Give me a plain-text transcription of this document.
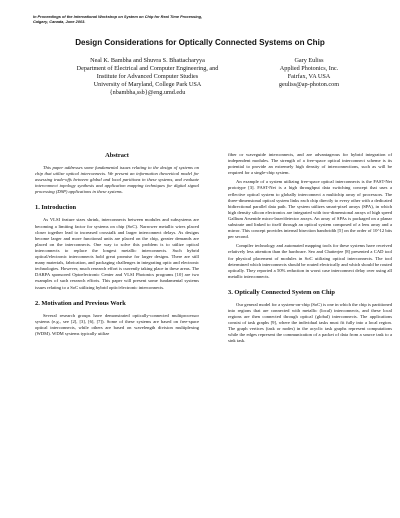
In Proceedings of the International Workshop on System on Chip for Real Time Processing,
Calgary, Canada, June 2003.
Design Considerations for Optically Connected Systems on Chip
Neal K. Bambha and Shuvra S. Bhattacharyya
Department of Electrical and Computer Engineering, and
Institute for Advanced Computer Studies
University of Maryland, College Park USA
{nbambha,ssb}@eng.umd.edu
Gary Euliss
Applied Photonics, Inc.
Fairfax, VA USA
geuliss@ap-photon.com
Abstract

This paper addresses some fundamental issues relating to the design of systems on chip that utilize optical interconnects. We present an information theoretical model for assessing trade-offs between global and local partitions in these systems, and evaluate interconnect topology synthesis and application mapping techniques for digital signal processing (DSP) applications in these systems.

1. Introduction

As VLSI feature sizes shrink, interconnects between modules and subsystems are becoming a limiting factor for systems on chip (SoC). Narrower metallic wires placed closer together lead to increased crosstalk and larger interconnect delays. As designs become larger and more functional units are placed on the chip, greater demands are placed on the interconnects. One way to solve this problem is to utilize optical interconnects to replace the longest metallic interconnects. Such hybrid optical/electronic interconnects hold great promise for larger designs. There are still many materials, fabrication, and packaging challenges in integrating optic and electronic technologies. However, much research effort is currently taking place in these areas. The DARPA sponsored Optoelectronic Center and VLSI Photonics programs [10] are two examples of such research efforts. This paper will present some fundamental systems issues relating to a SoC utilizing hybrid optic/electronic interconnects.

2. Motivation and Previous Work

Several research groups have demonstrated optically-connected multiprocessor systems (e.g., see [2], [3], [6], [7]). Some of these systems are based on free-space optical interconnects, while others are based on wavelength division multiplexing (WDM). WDM systems typically utilize

fiber or waveguide interconnects, and are advantageous for hybrid integration of independent modules. The strength of a free-space optical interconnect scheme is its potential to provide an extremely high density of interconnections, such as will be required for a single-chip system.

An example of a system utilizing free-space optical interconnects is the FAST-Net prototype [3]. FAST-Net is a high throughput data switching concept that uses a reflective optical system to globally interconnect a multichip array of processors. The three-dimensional optical system links each chip directly to every other with a dedicated bidirectional parallel data path. The system utilizes smart-pixel arrays (SPA), in which high density silicon electronics are integrated with two-dimensional arrays of high speed Gallium Arsenide micro-laser/detector arrays. An array of SPAs is packaged on a planar substrate and linked to itself through an optical system composed of a lens array and a mirror. This concept provides internal bisection bandwidth [5] on the order of 10^12 bits per second.

Compiler technology and automated mapping tools for these systems have received relatively less attention than the hardware. Seo and Chatterjee [8] presented a CAD tool for physical placement of modules in SoC utilizing optical interconnects. The tool determined which interconnects should be routed electrically and which should be routed optically. They reported a 50% reduction in worst case interconnect delay over using all metallic interconnects.

3. Optically Connected System on Chip

Our general model for a system-on-chip (SoC) is one in which the chip is partitioned into regions that are connected with metallic (local) interconnects, and these local regions are then connected through optical (global) interconnects. The applications consist of task graphs [9], where the individual tasks must fit fully into a local region. The graph vertices (task or nodes) in the acyclic task graphs represent computations while the edges represent the communication of a packet of data from a source task to a sink task.
